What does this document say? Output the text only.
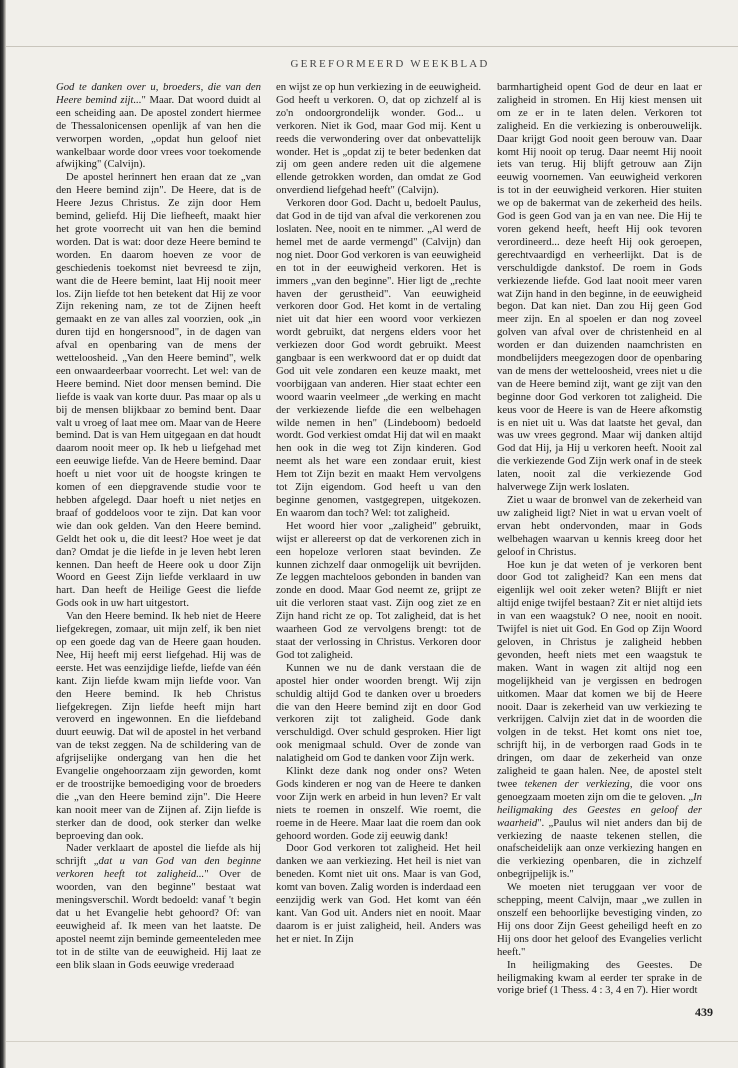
GEREFORMEERD WEEKBLAD

God te danken over u, broeders, die van den Heere bemind zijt..." Maar. Dat woord duidt al een scheiding aan. De apostel zondert hiermee de Thessalonicensen openlijk af van hen die verworpen worden, „opdat hun geloof niet wankelbaar worde door vrees voor toekomende afwijking" (Calvijn).

De apostel herinnert hen eraan dat ze „van den Heere bemind zijn". De Heere, dat is de Heere Jezus Christus. Ze zijn door Hem bemind, geliefd. Hij Die liefheeft, maakt hier het grote voorrecht uit van hen die bemind worden. Dat is wat: door deze Heere bemind te worden. En daarom hoeven ze voor de geschiedenis toekomst niet bevreesd te zijn, want die de Heere bemint, laat Hij nooit meer los. Zijn liefde tot hen betekent dat Hij ze voor Zijn rekening nam, ze tot de Zijnen heeft gemaakt en ze van alles zal voorzien, ook „in duren tijd en hongersnood", in de dagen van afval en openbaring van de mens der wetteloosheid. „Van den Heere bemind", welk een onwaardeerbaar voorrecht. Let wel: van de Heere bemind. Niet door mensen bemind. Die liefde is vaak van korte duur. Pas maar op als u bij de mensen blijkbaar zo bemind bent. Daar valt u vroeg of laat mee om. Maar van de Heere bemind. Dat is van Hem uitgegaan en dat houdt daarom nooit meer op. Ik heb u liefgehad met een eeuwige liefde. Van de Heere bemind. Daar hoeft u niet voor uit de hoogste kringen te komen of een diepgravende studie voor te hebben afgelegd. Daar hoeft u niet netjes en braaf of goddeloos voor te zijn. Dat kan voor wie dan ook gelden. Van den Heere bemind. Geldt het ook u, die dit leest? Hoe weet je dat dan? Omdat je die liefde in je leven hebt leren kennen. Dan heeft de Heere ook u door Zijn Woord en Geest Zijn liefde verklaard in uw hart. Dan heeft de Heilige Geest die liefde Gods ook in uw hart uitgestort.

Van den Heere bemind. Ik heb niet de Heere liefgekregen, zomaar, uit mijn zelf, ik ben niet op een goede dag van de Heere gaan houden. Nee, Hij heeft mij eerst liefgehad. Hij was de eerste. Het was eenzijdige liefde, liefde van één kant. Zijn liefde kwam mijn liefde voor. Van den Heere bemind. Ik heb Christus liefgekregen. Zijn liefde heeft mijn hart veroverd en ingewonnen. En die liefdeband duurt eeuwig. Dat wil de apostel in het verband van de tekst zeggen. Na de schildering van de afgrijselijke ondergang van hen die het Evangelie ongehoorzaam zijn geworden, komt er de troostrijke bemoediging voor de broeders die „van den Heere bemind zijn". Die Heere kan nooit meer van de Zijnen af. Zijn liefde is sterker dan de dood, ook sterker dan welke beproeving dan ook.

Nader verklaart de apostel die liefde als hij schrijft „dat u van God van den beginne verkoren heeft tot zaligheid..." Over de woorden, van den beginne" bestaat wat meningsverschil. Wordt bedoeld: vanaf 't begin dat u het Evangelie hebt gehoord? Of: van eeuwigheid af. Ik meen van het laatste. De apostel neemt zijn beminde gemeenteleden mee tot in de stilte van de eeuwigheid. Hij laat ze een blik slaan in Gods eeuwige vrederaad

en wijst ze op hun verkiezing in de eeuwigheid. God heeft u verkoren. O, dat op zichzelf al is zo'n ondoorgrondelijk wonder. God... u verkoren. Niet ik God, maar God mij. Kent u reeds die verwondering over dat onbevattelijk wonder. Het is „opdat zij te beter bedenken dat zij om geen andere reden uit die algemene ellende getrokken worden, dan omdat ze God onverdiend liefgehad heeft" (Calvijn).

Verkoren door God. Dacht u, bedoelt Paulus, dat God in de tijd van afval die verkorenen zou loslaten. Nee, nooit en te nimmer. „Al werd de hemel met de aarde vermengd" (Calvijn) dan nog niet. Door God verkoren is van eeuwigheid en tot in der eeuwigheid verkoren. Het is immers „van den beginne". Hier ligt de „rechte haven der gerustheid". Van eeuwigheid verkoren door God. Het komt in de vertaling niet uit dat hier een woord voor verkiezen wordt gebruikt, dat nergens elders voor het verkiezen door God wordt gebruikt. Meest gangbaar is een werkwoord dat er op duidt dat God uit vele zondaren een keuze maakt, met voorbijgaan van anderen. Hier staat echter een woord waarin veelmeer „de werking en macht der verkiezende liefde die een welbehagen wilde nemen in hen" (Lindeboom) bedoeld wordt. God verkiest omdat Hij dat wil en maakt hen ook in die weg tot Zijn kinderen. God neemt als het ware een zondaar eruit, kiest Hem tot Zijn bezit en maakt Hem vervolgens tot Zijn eigendom. God heeft u van den beginne genomen, vastgegrepen, uitgekozen. En waarom dan toch? Wel: tot zaligheid.

Het woord hier voor „zaligheid" gebruikt, wijst er allereerst op dat de verkorenen zich in een hopeloze verloren staat bevinden. Ze kunnen zichzelf daar onmogelijk uit bevrijden. Ze leggen machteloos gebonden in banden van zonde en dood. Maar God neemt ze, grijpt ze uit die verloren staat vast. Zijn oog ziet ze en Zijn hand richt ze op. Tot zaligheid, dat is het waarheen God ze vervolgens brengt: tot de staat der verlossing in Christus. Verkoren door God tot zaligheid.

Kunnen we nu de dank verstaan die de apostel hier onder woorden brengt. Wij zijn schuldig altijd God te danken over u broeders die van den Heere bemind zijt en door God verkoren zijt tot zaligheid. Gode dank verschuldigd. Over schuld gesproken. Hier ligt ook menigmaal schuld. Over de zonde van nalatigheid om God te danken voor Zijn werk.

Klinkt deze dank nog onder ons? Weten Gods kinderen er nog van de Heere te danken voor Zijn werk en arbeid in hun leven? Er valt niets te roemen in onszelf. Wie roemt, die roeme in de Heere. Maar laat die roem dan ook gehoord worden. Gode zij eeuwig dank!

Door God verkoren tot zaligheid. Het heil danken we aan verkiezing. Het heil is niet van beneden. Komt niet uit ons. Maar is van God, komt van boven. Zalig worden is inderdaad een eenzijdig werk van God. Het komt van één kant. Van God uit. Anders niet en nooit. Maar daarom is er juist zaligheid, heil. Anders was het er niet. In Zijn

barmhartigheid opent God de deur en laat er zaligheid in stromen. En Hij kiest mensen uit om ze er in te laten delen. Verkoren tot zaligheid. En die verkiezing is onberouwelijk. Daar krijgt God nooit geen berouw van. Daar komt Hij nooit op terug. Daar neemt Hij nooit iets van terug. Hij blijft getrouw aan Zijn eeuwig voornemen. Van eeuwigheid verkoren is tot in der eeuwigheid verkoren. Hier stuiten we op de bakermat van de zekerheid des heils. God is geen God van ja en van nee. Die Hij te voren gekend heeft, heeft Hij ook tevoren verordineerd... deze heeft Hij ook geroepen, gerechtvaardigd en verheerlijkt. Dat is de verschuldigde dankstof. De roem in Gods verkiezende liefde. God laat nooit meer varen wat Zijn hand in den beginne, in de eeuwigheid begon. Dat kan niet. Dan zou Hij geen God meer zijn. En al spoelen er dan nog zoveel golven van afval over de christenheid en al worden er dan duizenden naamchristen en mondbelijders meegezogen door de openbaring van de mens der wetteloosheid, vrees niet u die van de Heere bemind zijt, want ge zijt van den beginne door God verkoren tot zaligheid. Die keus voor de Heere is van de Heere afkomstig is en niet uit u. Was dat laatste het geval, dan was uw vrees gegrond. Maar wij danken altijd God dat Hij, ja Hij u verkoren heeft. Nooit zal die verkiezende God Zijn werk onaf in de steek laten, nooit zal die verkiezende God halverwege Zijn werk loslaten.

Ziet u waar de bronwel van de zekerheid van uw zaligheid ligt? Niet in wat u ervan voelt of ervan hebt ondervonden, maar in Gods welbehagen waarvan u kennis kreeg door het geloof in Christus.

Hoe kun je dat weten of je verkoren bent door God tot zaligheid? Kan een mens dat eigenlijk wel ooit zeker weten? Blijft er niet altijd enige twijfel bestaan? Zit er niet altijd iets in van een waagstuk? O nee, nooit en nooit. Twijfel is niet uit God. En God op Zijn Woord geloven, in Christus je zaligheid hebben gevonden, heeft niets met een waagstuk te maken. Want in wagen zit altijd nog een mogelijkheid van je vergissen en bedrogen uitkomen. Maar dat komen we bij de Heere nooit. Daar is zekerheid van uw verkiezing te verkrijgen. Calvijn ziet dat in de woorden die volgen in de tekst. Het komt ons niet toe, schrijft hij, in de verborgen raad Gods in te dringen, om daar de zekerheid van onze zaligheid te gaan halen. Nee, de apostel stelt twee tekenen der verkiezing, die voor ons genoegzaam moeten zijn om die te geloven. „In heiligmaking des Geestes en geloof der waarheid". „Paulus wil niet anders dan bij de verkiezing de naaste tekenen stellen, die onafscheidelijk aan onze verkiezing hangen en die verkiezing openbaren, die in zichzelf onbegrijpelijk is."

We moeten niet teruggaan ver voor de schepping, meent Calvijn, maar „we zullen in onszelf een behoorlijke bevestiging vinden, zo Hij ons door Zijn Geest geheiligd heeft en zo Hij ons door het geloof des Evangelies verlicht heeft."

In heiligmaking des Geestes. De heiligmaking kwam al eerder ter sprake in de vorige brief (1 Thess. 4 : 3, 4 en 7). Hier wordt

439
